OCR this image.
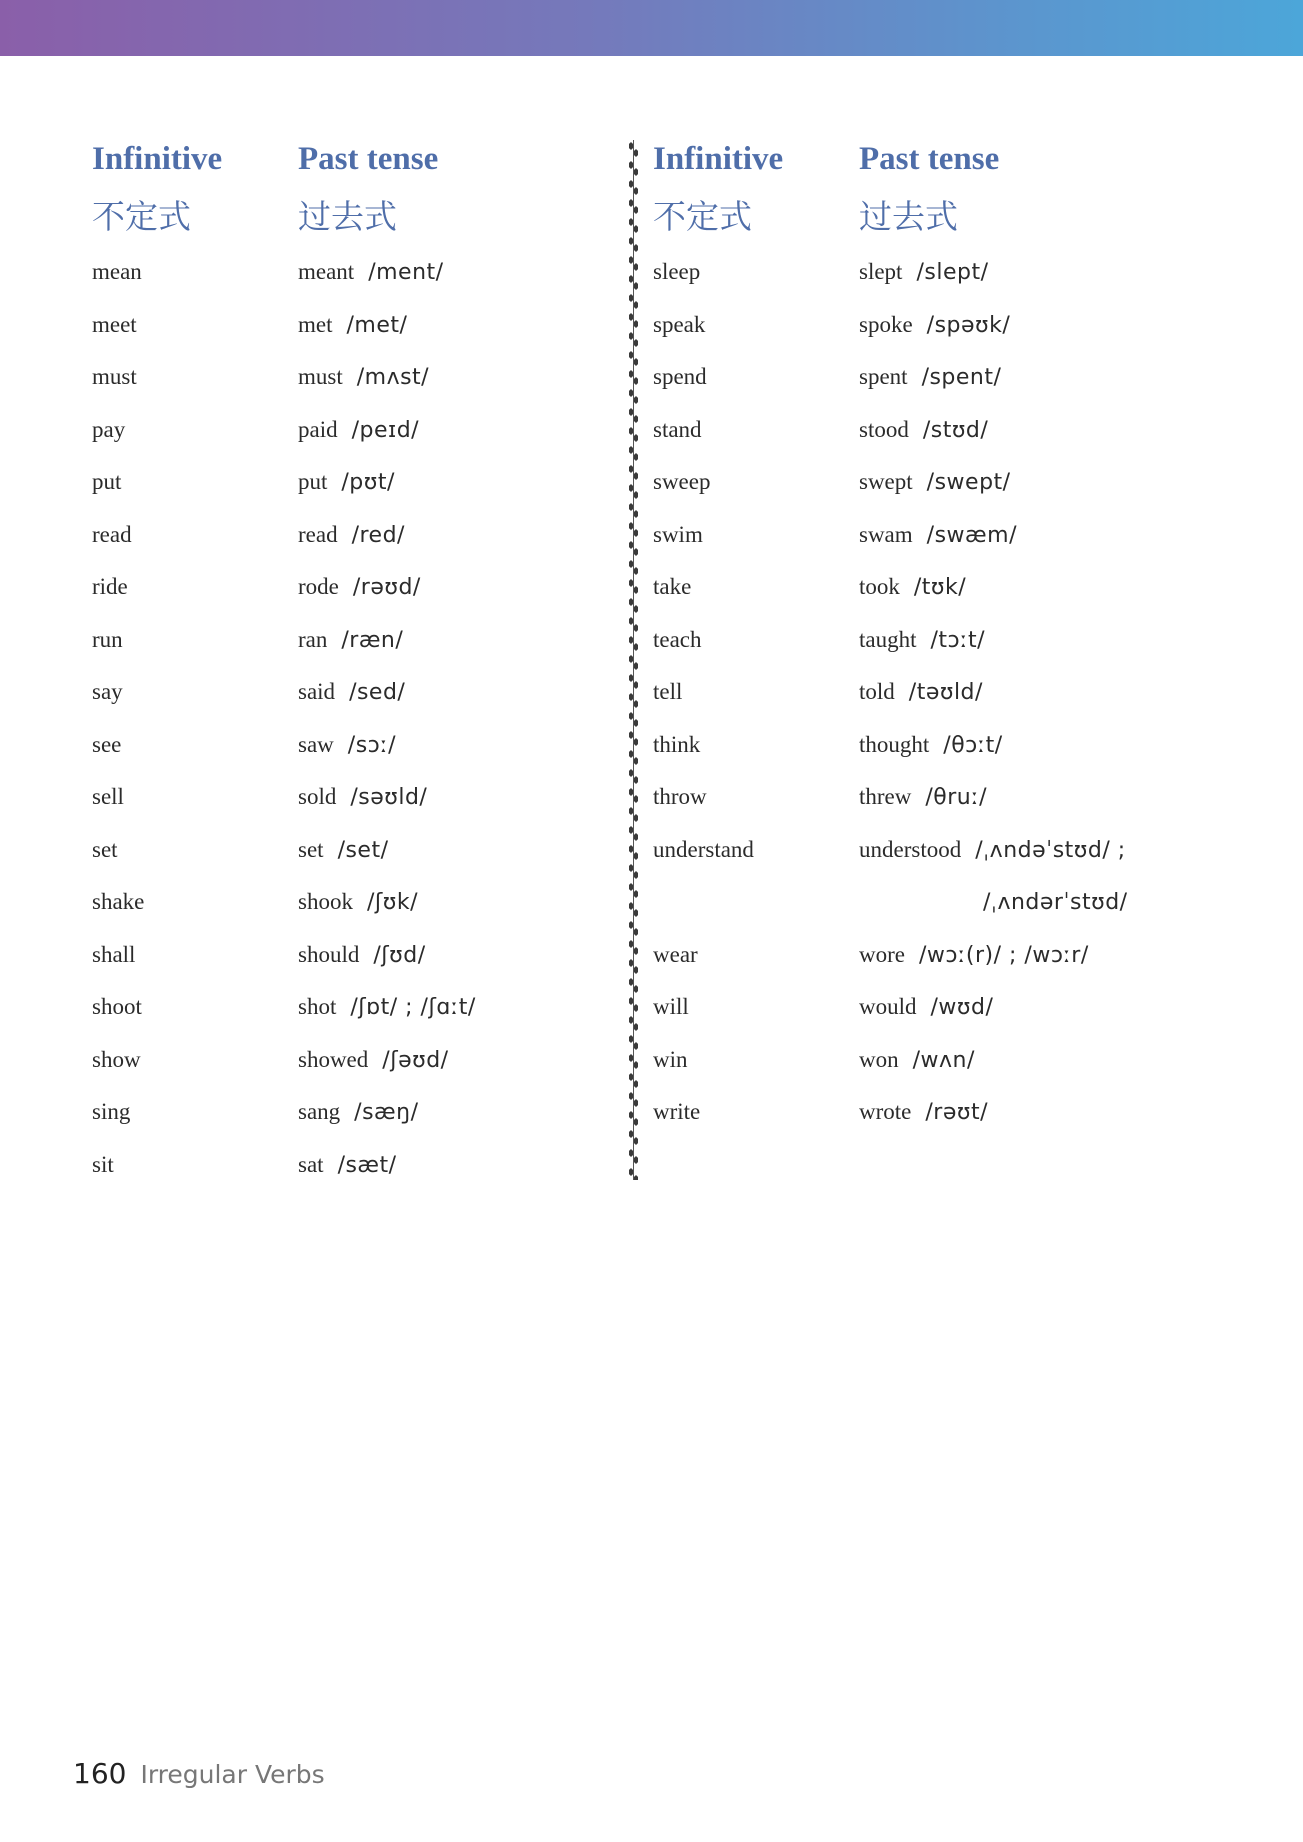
Infinitive	Past tense
不定式	过去式
mean	meant /ment/
meet	met /met/
must	must /mʌst/
pay	paid /peɪd/
put	put /pʊt/
read	read /red/
ride	rode /rəʊd/
run	ran /ræn/
say	said /sed/
see	saw /sɔː/
sell	sold /səʊld/
set	set /set/
shake	shook /ʃʊk/
shall	should /ʃʊd/
shoot	shot /ʃɒt/ ; /ʃɑːt/
show	showed /ʃəʊd/
sing	sang /sæŋ/
sit	sat /sæt/
Infinitive	Past tense
不定式	过去式
sleep	slept /slept/
speak	spoke /spəʊk/
spend	spent /spent/
stand	stood /stʊd/
sweep	swept /swept/
swim	swam /swæm/
take	took /tʊk/
teach	taught /tɔːt/
tell	told /təʊld/
think	thought /θɔːt/
throw	threw /θruː/
understand	understood /ˌʌndəˈstʊd/ ;
/ˌʌndərˈstʊd/
wear	wore /wɔː(r)/ ; /wɔːr/
will	would /wʊd/
win	won /wʌn/
write	wrote /rəʊt/
160 Irregular Verbs
